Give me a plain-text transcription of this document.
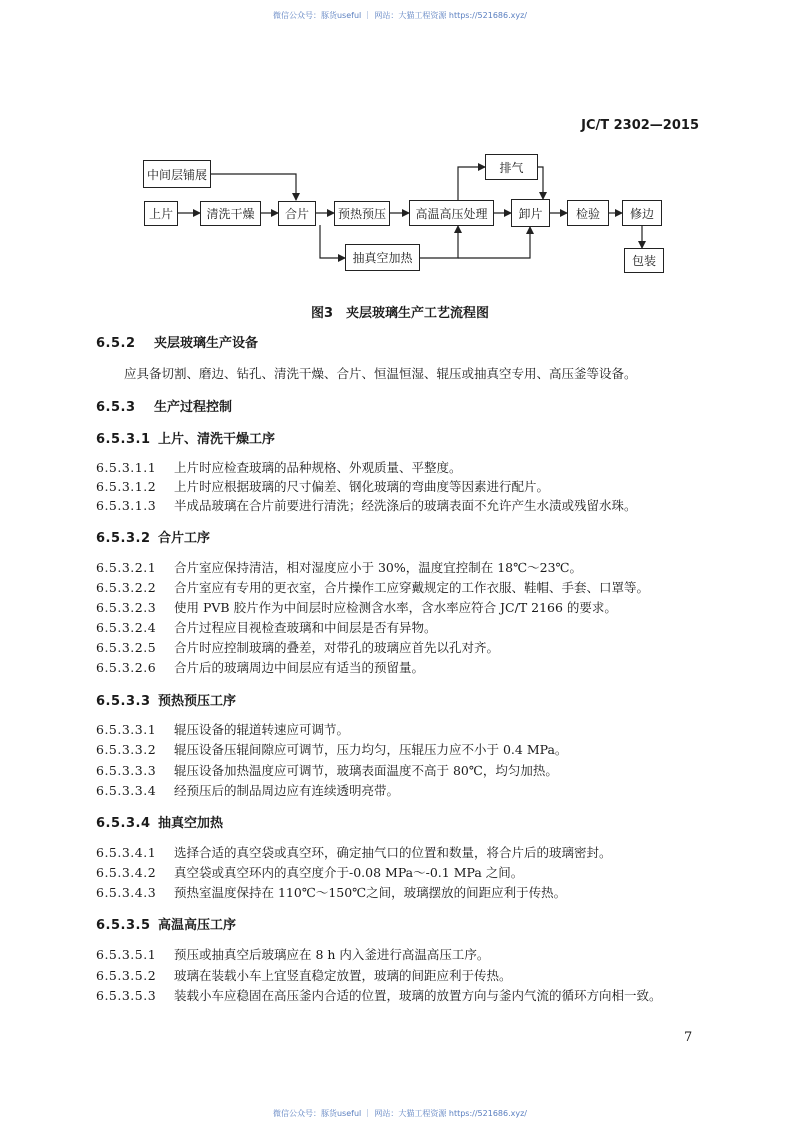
微信公众号：豚货useful ｜ 网站：大猫工程资源 https://521686.xyz/
JC/T 2302—2015
中间层铺展
上片	清洗干燥	合片	预热预压	高温高压处理
排气
抽真空加热
卸片	检验	修边
包装
图3　夹层玻璃生产工艺流程图
6.5.2 夹层玻璃生产设备
应具备切割、磨边、钻孔、清洗干燥、合片、恒温恒湿、辊压或抽真空专用、高压釜等设备。
6.5.3 生产过程控制
6.5.3.1 上片、清洗干燥工序
6.5.3.1.1 上片时应检查玻璃的品种规格、外观质量、平整度。
6.5.3.1.2 上片时应根据玻璃的尺寸偏差、钢化玻璃的弯曲度等因素进行配片。
6.5.3.1.3 半成品玻璃在合片前要进行清洗；经洗涤后的玻璃表面不允许产生水渍或残留水珠。
6.5.3.2 合片工序
6.5.3.2.1 合片室应保持清洁，相对湿度应小于 30%，温度宜控制在 18℃～23℃。
6.5.3.2.2 合片室应有专用的更衣室，合片操作工应穿戴规定的工作衣服、鞋帽、手套、口罩等。
6.5.3.2.3 使用 PVB 胶片作为中间层时应检测含水率，含水率应符合 JC/T 2166 的要求。
6.5.3.2.4 合片过程应目视检查玻璃和中间层是否有异物。
6.5.3.2.5 合片时应控制玻璃的叠差，对带孔的玻璃应首先以孔对齐。
6.5.3.2.6 合片后的玻璃周边中间层应有适当的预留量。
6.5.3.3 预热预压工序
6.5.3.3.1 辊压设备的辊道转速应可调节。
6.5.3.3.2 辊压设备压辊间隙应可调节，压力均匀，压辊压力应不小于 0.4 MPa。
6.5.3.3.3 辊压设备加热温度应可调节，玻璃表面温度不高于 80℃，均匀加热。
6.5.3.3.4 经预压后的制品周边应有连续透明亮带。
6.5.3.4 抽真空加热
6.5.3.4.1 选择合适的真空袋或真空环，确定抽气口的位置和数量，将合片后的玻璃密封。
6.5.3.4.2 真空袋或真空环内的真空度介于-0.08 MPa～-0.1 MPa 之间。
6.5.3.4.3 预热室温度保持在 110℃～150℃之间，玻璃摆放的间距应利于传热。
6.5.3.5 高温高压工序
6.5.3.5.1 预压或抽真空后玻璃应在 8 h 内入釜进行高温高压工序。
6.5.3.5.2 玻璃在装载小车上宜竖直稳定放置，玻璃的间距应利于传热。
6.5.3.5.3 装载小车应稳固在高压釜内合适的位置，玻璃的放置方向与釜内气流的循环方向相一致。
7
微信公众号：豚货useful ｜ 网站：大猫工程资源 https://521686.xyz/
